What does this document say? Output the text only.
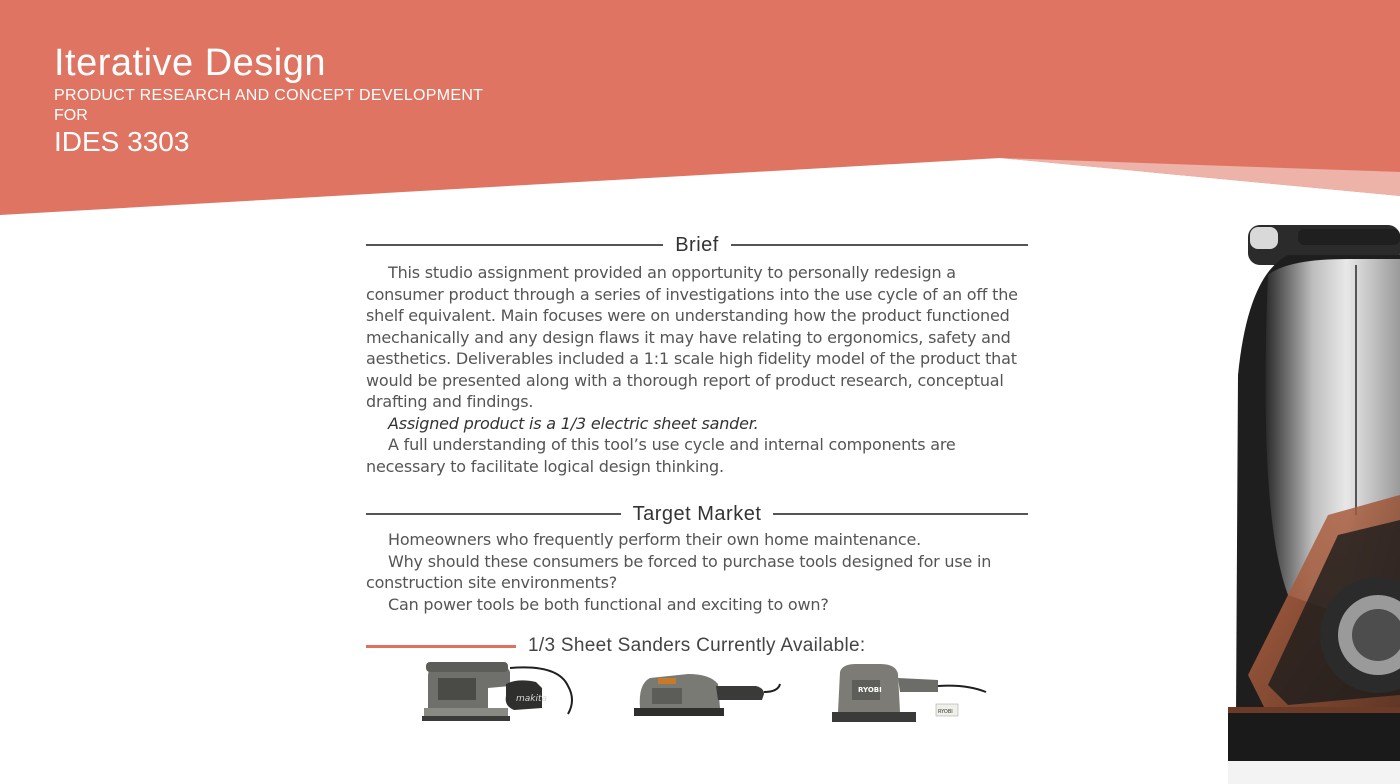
Iterative Design
PRODUCT RESEARCH AND CONCEPT DEVELOPMENT
FOR
IDES 3303
Brief

This studio assignment provided an opportunity to personally redesign a consumer product through a series of investigations into the use cycle of an off the shelf equivalent. Main focuses were on understanding how the product functioned mechanically and any design flaws it may have relating to ergonomics, safety and aesthetics. Deliverables included a 1:1 scale high fidelity model of the product that would be presented along with a thorough report of product research, conceptual drafting and findings.

Assigned product is a 1/3 electric sheet sander.

A full understanding of this tool’s use cycle and internal components are necessary to facilitate logical design thinking.

Target Market

Homeowners who frequently perform their own home maintenance.

Why should these consumers be forced to purchase tools designed for use in construction site environments?

Can power tools be both functional and exciting to own?

1/3 Sheet Sanders Currently Available:
makita
RYOBI
RYOBI
